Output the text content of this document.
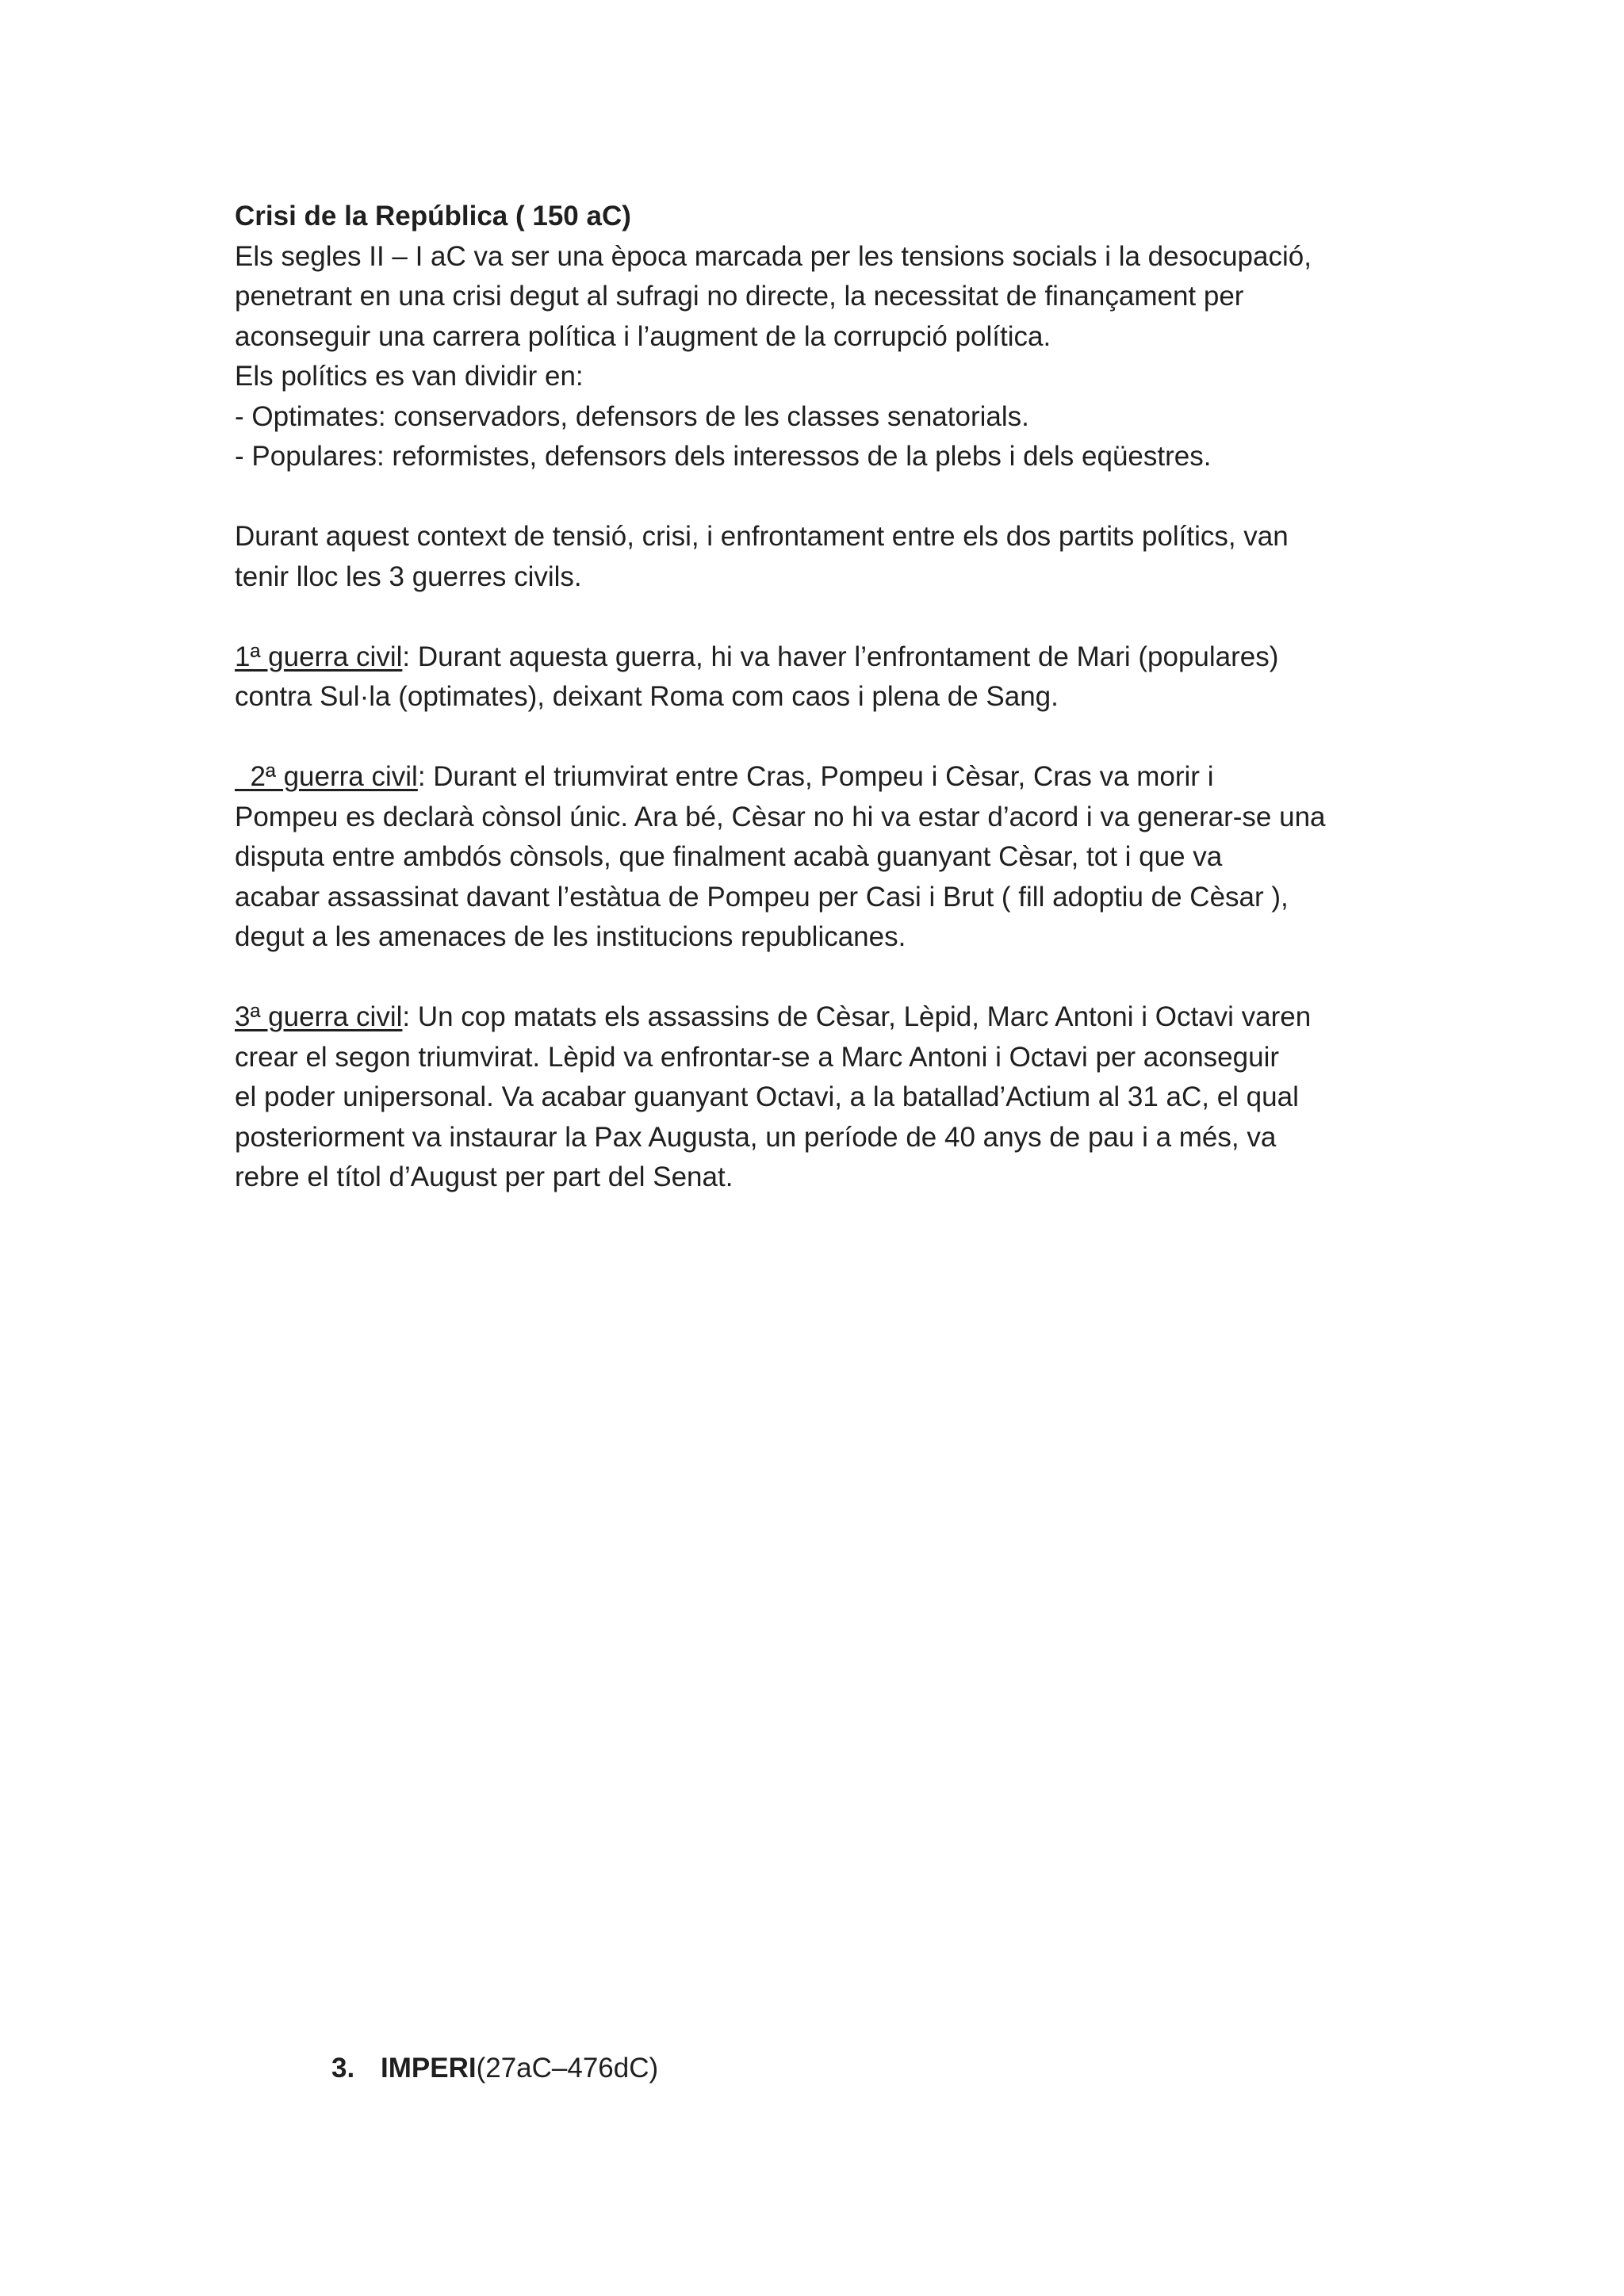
Crisi de la República ( 150 aC)

Els segles II – I aC va ser una època marcada per les tensions socials i la desocupació,
penetrant en una crisi degut al sufragi no directe, la necessitat de finançament per
aconseguir una carrera política i l’augment de la corrupció política.
Els polítics es van dividir en:
- Optimates: conservadors, defensors de les classes senatorials.
- Populares: reformistes, defensors dels interessos de la plebs i dels eqüestres.
Durant aquest context de tensió, crisi, i enfrontament entre els dos partits polítics, van
tenir lloc les 3 guerres civils.
1ª guerra civil: Durant aquesta guerra, hi va haver l’enfrontament de Mari (populares)
contra Sul·la (optimates), deixant Roma com caos i plena de Sang.
2ª guerra civil: Durant el triumvirat entre Cras, Pompeu i Cèsar, Cras va morir i
Pompeu es declarà cònsol únic. Ara bé, Cèsar no hi va estar d’acord i va generar-se una
disputa entre ambdós cònsols, que finalment acabà guanyant Cèsar, tot i que va
acabar assassinat davant l’estàtua de Pompeu per Casi i Brut ( fill adoptiu de Cèsar ),
degut a les amenaces de les institucions republicanes.
3ª guerra civil: Un cop matats els assassins de Cèsar, Lèpid, Marc Antoni i Octavi varen
crear el segon triumvirat. Lèpid va enfrontar-se a Marc Antoni i Octavi per aconseguir
el poder unipersonal. Va acabar guanyant Octavi, a la batallad’Actium al 31 aC, el qual
posteriorment va instaurar la Pax Augusta, un període de 40 anys de pau i a més, va
rebre el títol d’August per part del Senat.
3. IMPERI(27aC–476dC)
